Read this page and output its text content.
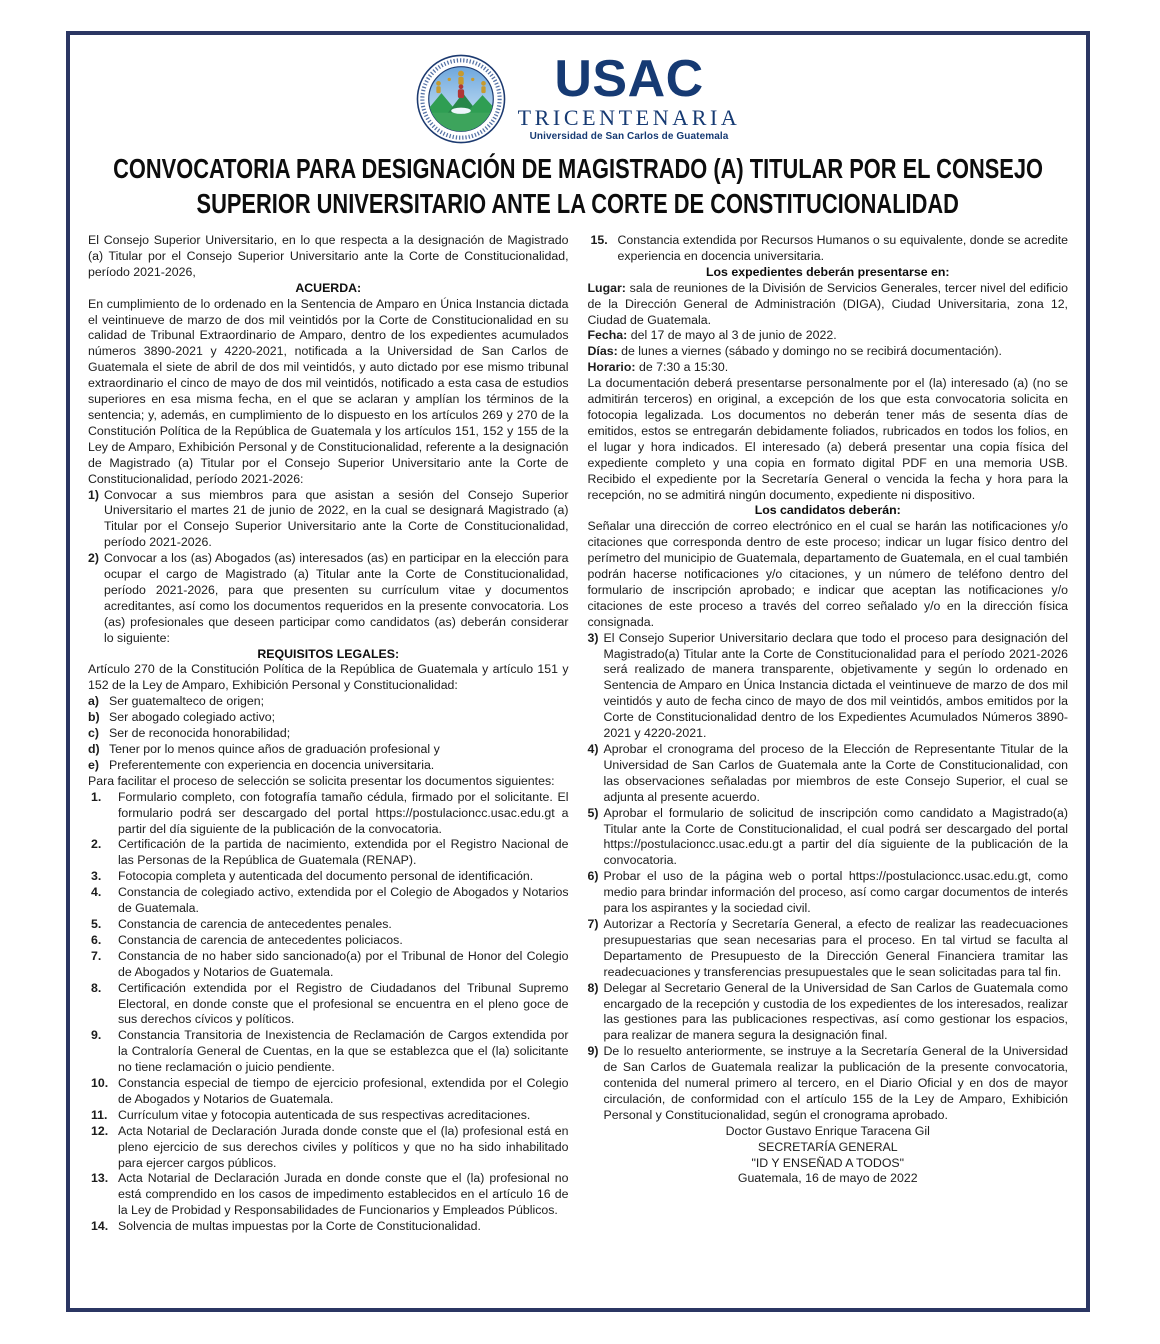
USAC
TRICENTENARIA
Universidad de San Carlos de Guatemala
CONVOCATORIA PARA DESIGNACIÓN DE MAGISTRADO (A) TITULAR POR EL CONSEJO
SUPERIOR UNIVERSITARIO ANTE LA CORTE DE CONSTITUCIONALIDAD

El Consejo Superior Universitario, en lo que respecta a la designación de Magistrado (a) Titular por el Consejo Superior Universitario ante la Corte de Constitucionalidad, período 2021-2026,

ACUERDA:

En cumplimiento de lo ordenado en la Sentencia de Amparo en Única Instancia dictada el veintinueve de marzo de dos mil veintidós por la Corte de Constitucionalidad en su calidad de Tribunal Extraordinario de Amparo, dentro de los expedientes acumulados números 3890-2021 y 4220-2021, notificada a la Universidad de San Carlos de Guatemala el siete de abril de dos mil veintidós, y auto dictado por ese mismo tribunal extraordinario el cinco de mayo de dos mil veintidós, notificado a esta casa de estudios superiores en esa misma fecha, en el que se aclaran y amplían los términos de la sentencia; y, además, en cumplimiento de lo dispuesto en los artículos 269 y 270 de la Constitución Política de la República de Guatemala y los artículos 151, 152 y 155 de la Ley de Amparo, Exhibición Personal y de Constitucionalidad, referente a la designación de Magistrado (a) Titular por el Consejo Superior Universitario ante la Corte de Constitucionalidad, período 2021-2026:

1) Convocar a sus miembros para que asistan a sesión del Consejo Superior Universitario el martes 21 de junio de 2022, en la cual se designará Magistrado (a) Titular por el Consejo Superior Universitario ante la Corte de Constitucionalidad, período 2021-2026.
2) Convocar a los (as) Abogados (as) interesados (as) en participar en la elección para ocupar el cargo de Magistrado (a) Titular ante la Corte de Constitucionalidad, período 2021-2026, para que presenten su currículum vitae y documentos acreditantes, así como los documentos requeridos en la presente convocatoria. Los (as) profesionales que deseen participar como candidatos (as) deberán considerar lo siguiente:

REQUISITOS LEGALES:

Artículo 270 de la Constitución Política de la República de Guatemala y artículo 151 y 152 de la Ley de Amparo, Exhibición Personal y Constitucionalidad:

a) Ser guatemalteco de origen;
b) Ser abogado colegiado activo;
c) Ser de reconocida honorabilidad;
d) Tener por lo menos quince años de graduación profesional y
e) Preferentemente con experiencia en docencia universitaria.

Para facilitar el proceso de selección se solicita presentar los documentos siguientes:

1. Formulario completo, con fotografía tamaño cédula, firmado por el solicitante. El formulario podrá ser descargado del portal https://postulacioncc.usac.edu.gt a partir del día siguiente de la publicación de la convocatoria.
2. Certificación de la partida de nacimiento, extendida por el Registro Nacional de las Personas de la República de Guatemala (RENAP).
3. Fotocopia completa y autenticada del documento personal de identificación.
4. Constancia de colegiado activo, extendida por el Colegio de Abogados y Notarios de Guatemala.
5. Constancia de carencia de antecedentes penales.
6. Constancia de carencia de antecedentes policiacos.
7. Constancia de no haber sido sancionado(a) por el Tribunal de Honor del Colegio de Abogados y Notarios de Guatemala.
8. Certificación extendida por el Registro de Ciudadanos del Tribunal Supremo Electoral, en donde conste que el profesional se encuentra en el pleno goce de sus derechos cívicos y políticos.
9. Constancia Transitoria de Inexistencia de Reclamación de Cargos extendida por la Contraloría General de Cuentas, en la que se establezca que el (la) solicitante no tiene reclamación o juicio pendiente.
10. Constancia especial de tiempo de ejercicio profesional, extendida por el Colegio de Abogados y Notarios de Guatemala.
11. Currículum vitae y fotocopia autenticada de sus respectivas acreditaciones.
12. Acta Notarial de Declaración Jurada donde conste que el (la) profesional está en pleno ejercicio de sus derechos civiles y políticos y que no ha sido inhabilitado para ejercer cargos públicos.
13. Acta Notarial de Declaración Jurada en donde conste que el (la) profesional no está comprendido en los casos de impedimento establecidos en el artículo 16 de la Ley de Probidad y Responsabilidades de Funcionarios y Empleados Públicos.
14. Solvencia de multas impuestas por la Corte de Constitucionalidad.
15. Constancia extendida por Recursos Humanos o su equivalente, donde se acredite experiencia en docencia universitaria.

Los expedientes deberán presentarse en:

Lugar: sala de reuniones de la División de Servicios Generales, tercer nivel del edificio de la Dirección General de Administración (DIGA), Ciudad Universitaria, zona 12, Ciudad de Guatemala.

Fecha: del 17 de mayo al 3 de junio de 2022.

Días: de lunes a viernes (sábado y domingo no se recibirá documentación).

Horario: de 7:30 a 15:30.

La documentación deberá presentarse personalmente por el (la) interesado (a) (no se admitirán terceros) en original, a excepción de los que esta convocatoria solicita en fotocopia legalizada. Los documentos no deberán tener más de sesenta días de emitidos, estos se entregarán debidamente foliados, rubricados en todos los folios, en el lugar y hora indicados. El interesado (a) deberá presentar una copia física del expediente completo y una copia en formato digital PDF en una memoria USB. Recibido el expediente por la Secretaría General o vencida la fecha y hora para la recepción, no se admitirá ningún documento, expediente ni dispositivo.

Los candidatos deberán:

Señalar una dirección de correo electrónico en el cual se harán las notificaciones y/o citaciones que corresponda dentro de este proceso; indicar un lugar físico dentro del perímetro del municipio de Guatemala, departamento de Guatemala, en el cual también podrán hacerse notificaciones y/o citaciones, y un número de teléfono dentro del formulario de inscripción aprobado; e indicar que aceptan las notificaciones y/o citaciones de este proceso a través del correo señalado y/o en la dirección física consignada.

3) El Consejo Superior Universitario declara que todo el proceso para designación del Magistrado(a) Titular ante la Corte de Constitucionalidad para el período 2021-2026 será realizado de manera transparente, objetivamente y según lo ordenado en Sentencia de Amparo en Única Instancia dictada el veintinueve de marzo de dos mil veintidós y auto de fecha cinco de mayo de dos mil veintidós, ambos emitidos por la Corte de Constitucionalidad dentro de los Expedientes Acumulados Números 3890-2021 y 4220-2021.
4) Aprobar el cronograma del proceso de la Elección de Representante Titular de la Universidad de San Carlos de Guatemala ante la Corte de Constitucionalidad, con las observaciones señaladas por miembros de este Consejo Superior, el cual se adjunta al presente acuerdo.
5) Aprobar el formulario de solicitud de inscripción como candidato a Magistrado(a) Titular ante la Corte de Constitucionalidad, el cual podrá ser descargado del portal https://postulacioncc.usac.edu.gt a partir del día siguiente de la publicación de la convocatoria.
6) Probar el uso de la página web o portal https://postulacioncc.usac.edu.gt, como medio para brindar información del proceso, así como cargar documentos de interés para los aspirantes y la sociedad civil.
7) Autorizar a Rectoría y Secretaría General, a efecto de realizar las readecuaciones presupuestarias que sean necesarias para el proceso. En tal virtud se faculta al Departamento de Presupuesto de la Dirección General Financiera tramitar las readecuaciones y transferencias presupuestales que le sean solicitadas para tal fin.
8) Delegar al Secretario General de la Universidad de San Carlos de Guatemala como encargado de la recepción y custodia de los expedientes de los interesados, realizar las gestiones para las publicaciones respectivas, así como gestionar los espacios, para realizar de manera segura la designación final.
9) De lo resuelto anteriormente, se instruye a la Secretaría General de la Universidad de San Carlos de Guatemala realizar la publicación de la presente convocatoria, contenida del numeral primero al tercero, en el Diario Oficial y en dos de mayor circulación, de conformidad con el artículo 155 de la Ley de Amparo, Exhibición Personal y Constitucionalidad, según el cronograma aprobado.

Doctor Gustavo Enrique Taracena Gil

SECRETARÍA GENERAL

"ID Y ENSEÑAD A TODOS"

Guatemala, 16 de mayo de 2022
